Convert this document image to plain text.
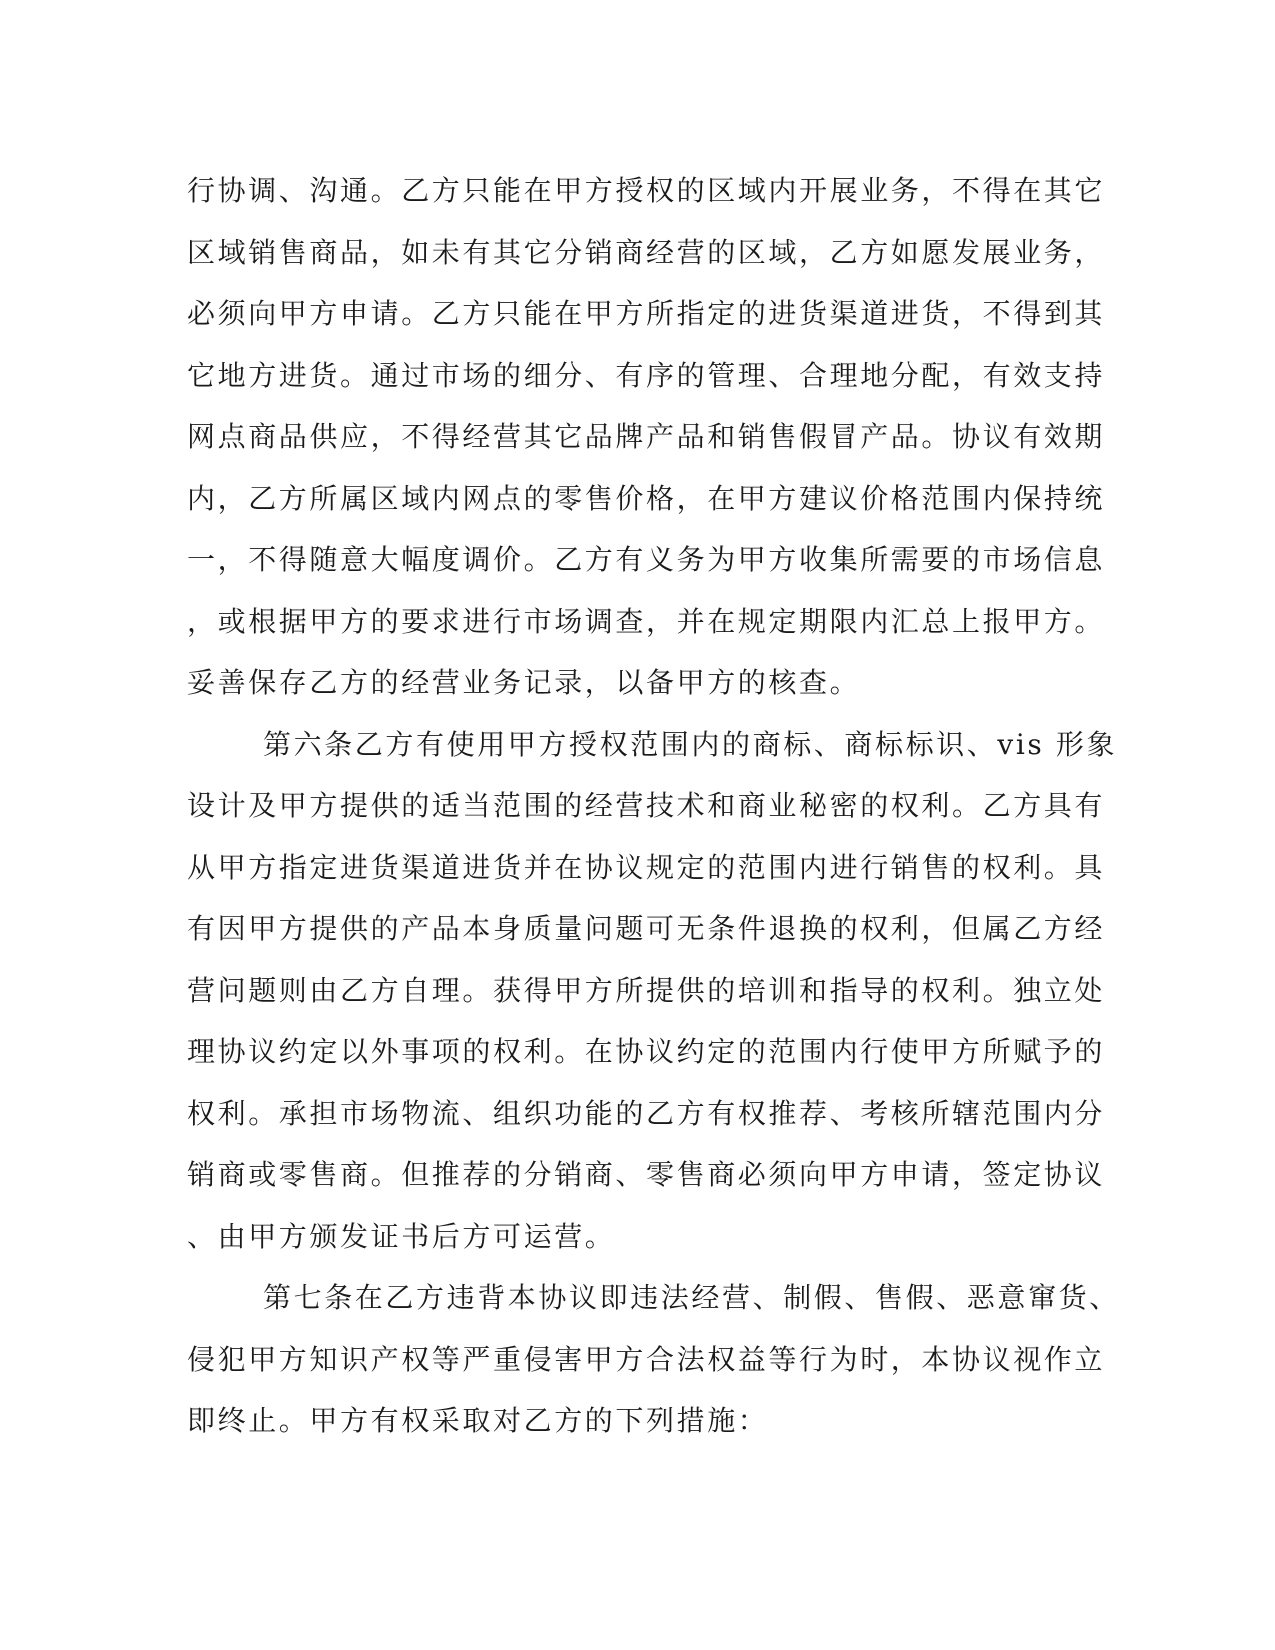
行协调、沟通。乙方只能在甲方授权的区域内开展业务，不得在其它
区域销售商品，如未有其它分销商经营的区域，乙方如愿发展业务，
必须向甲方申请。乙方只能在甲方所指定的进货渠道进货，不得到其
它地方进货。通过市场的细分、有序的管理、合理地分配，有效支持
网点商品供应，不得经营其它品牌产品和销售假冒产品。协议有效期
内，乙方所属区域内网点的零售价格，在甲方建议价格范围内保持统
一，不得随意大幅度调价。乙方有义务为甲方收集所需要的市场信息
，或根据甲方的要求进行市场调查，并在规定期限内汇总上报甲方。
妥善保存乙方的经营业务记录，以备甲方的核查。
第六条乙方有使用甲方授权范围内的商标、商标标识、vis 形象
设计及甲方提供的适当范围的经营技术和商业秘密的权利。乙方具有
从甲方指定进货渠道进货并在协议规定的范围内进行销售的权利。具
有因甲方提供的产品本身质量问题可无条件退换的权利，但属乙方经
营问题则由乙方自理。获得甲方所提供的培训和指导的权利。独立处
理协议约定以外事项的权利。在协议约定的范围内行使甲方所赋予的
权利。承担市场物流、组织功能的乙方有权推荐、考核所辖范围内分
销商或零售商。但推荐的分销商、零售商必须向甲方申请，签定协议
、由甲方颁发证书后方可运营。
第七条在乙方违背本协议即违法经营、制假、售假、恶意窜货、
侵犯甲方知识产权等严重侵害甲方合法权益等行为时，本协议视作立
即终止。甲方有权采取对乙方的下列措施：
